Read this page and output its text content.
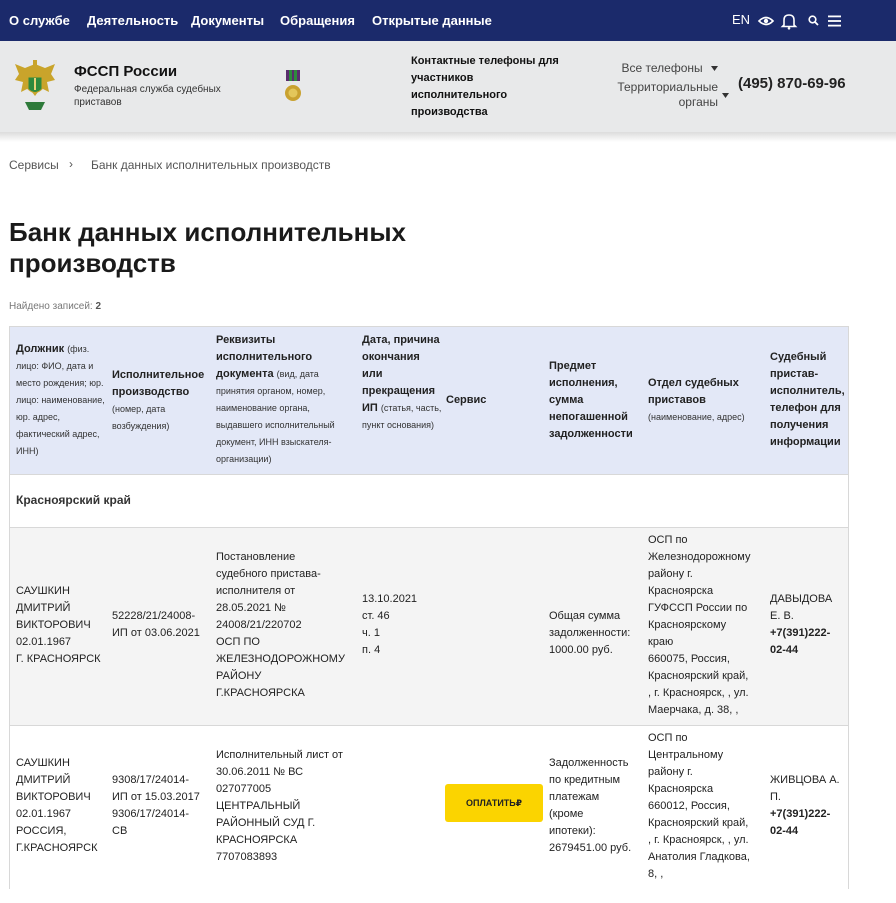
О службе Деятельность Документы Обращения Открытые данные	EN
ФССП России
Федеральная служба судебных приставов
Контактные телефоны для участников исполнительного производства
Все телефоны
Территориальные органы
(495) 870-69-96
Сервисы › Банк данных исполнительных производств
Банк данных исполнительных производств
Найдено записей: 2
Должник (физ. лицо: ФИО, дата и место рождения; юр. лицо: наименование, юр. адрес, фактический адрес, ИНН)
Исполнительное производство (номер, дата возбуждения)
Реквизиты исполнительного документа (вид, дата принятия органом, номер, наименование органа, выдавшего исполнительный документ, ИНН взыскателя-организации)
Дата, причина окончания или прекращения ИП (статья, часть, пункт основания)
Сервис
Предмет исполнения, сумма непогашенной задолженности
Отдел судебных приставов (наименование, адрес)
Судебный пристав-исполнитель, телефон для получения информации
Красноярский край
САУШКИН
ДМИТРИЙ
ВИКТОРОВИЧ
02.01.1967
Г. КРАСНОЯРСК
52228/21/24008-
ИП от 03.06.2021
Постановление
судебного пристава-
исполнителя от
28.05.2021 №
24008/21/220702
ОСП ПО
ЖЕЛЕЗНОДОРОЖНОМУ
РАЙОНУ
Г.КРАСНОЯРСКА
13.10.2021
ст. 46
ч. 1
п. 4
Общая сумма
задолженности:
1000.00 руб.
ОСП по
Железнодорожному
району г.
Красноярска
ГУФССП России по
Красноярскому
краю
660075, Россия,
Красноярский край,
, г. Красноярск, , ул.
Маерчака, д. 38, ,
ДАВЫДОВА
Е. В.
+7(391)222-
02-44
САУШКИН
ДМИТРИЙ
ВИКТОРОВИЧ
02.01.1967
РОССИЯ,
Г.КРАСНОЯРСК
9308/17/24014-
ИП от 15.03.2017
9306/17/24014-
СВ
Исполнительный лист от
30.06.2011 № ВС
027077005
ЦЕНТРАЛЬНЫЙ
РАЙОННЫЙ СУД Г.
КРАСНОЯРСКА
7707083893
ОПЛАТИТЬ₽
Задолженность
по кредитным
платежам
(кроме
ипотеки):
2679451.00 руб.
ОСП по
Центральному
району г.
Красноярска
660012, Россия,
Красноярский край,
, г. Красноярск, , ул.
Анатолия Гладкова,
8, ,
ЖИВЦОВА А.
П.
+7(391)222-
02-44
